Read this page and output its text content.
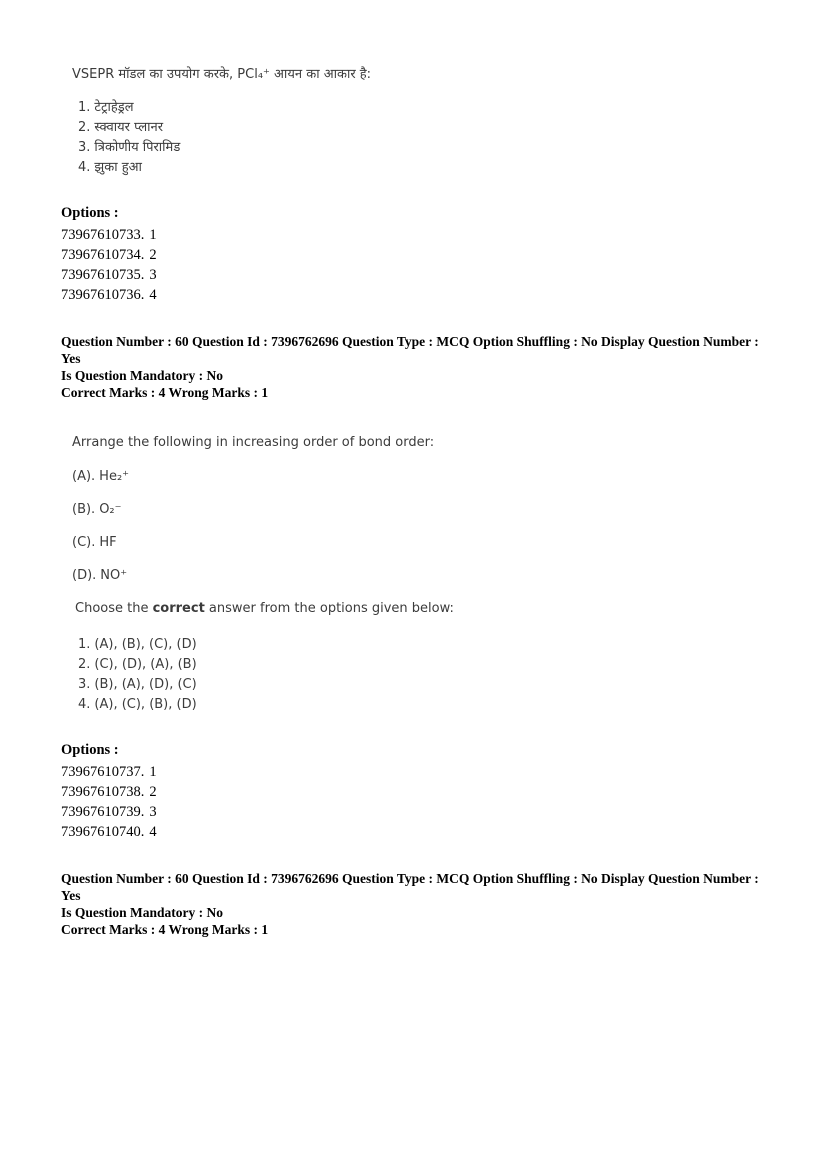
VSEPR मॉडल का उपयोग करके, PCl₄⁺ आयन का आकार है:

1. टेट्राहेड्रल
2. स्क्वायर प्लानर
3. त्रिकोणीय पिरामिड
4. झुका हुआ

Options :

73967610733. 1
73967610734. 2
73967610735. 3
73967610736. 4

Question Number : 60 Question Id : 7396762696 Question Type : MCQ Option Shuffling : No Display Question Number : Yes
Is Question Mandatory : No
Correct Marks : 4 Wrong Marks : 1

Arrange the following in increasing order of bond order:

(A). He₂⁺
(B). O₂⁻
(C). HF
(D). NO⁺

Choose the correct answer from the options given below:

1. (A), (B), (C), (D)
2. (C), (D), (A), (B)
3. (B), (A), (D), (C)
4. (A), (C), (B), (D)

Options :

73967610737. 1
73967610738. 2
73967610739. 3
73967610740. 4

Question Number : 60 Question Id : 7396762696 Question Type : MCQ Option Shuffling : No Display Question Number : Yes
Is Question Mandatory : No
Correct Marks : 4 Wrong Marks : 1
